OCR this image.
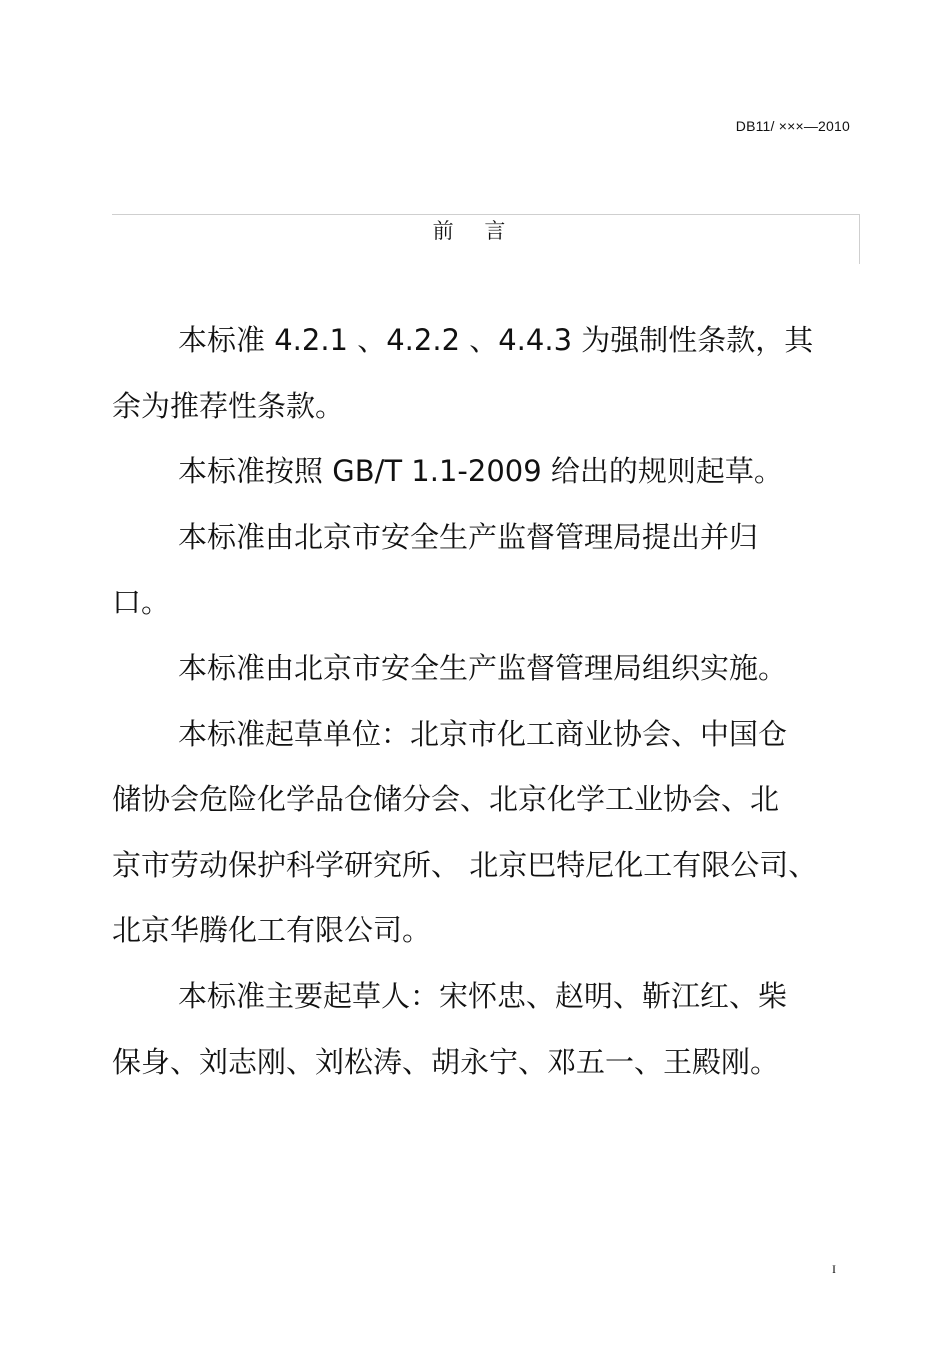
DB11/ ×××—2010
前 言
本标准 4.2.1 、4.2.2 、4.4.3 为强制性条款，其
余为推荐性条款。
本标准按照 GB/T 1.1-2009 给出的规则起草。
本标准由北京市安全生产监督管理局提出并归
口。
本标准由北京市安全生产监督管理局组织实施。
本标准起草单位：北京市化工商业协会、中国仓
储协会危险化学品仓储分会、北京化学工业协会、北
京市劳动保护科学研究所、 北京巴特尼化工有限公司、
北京华腾化工有限公司。
本标准主要起草人：宋怀忠、赵明、靳江红、柴
保身、刘志刚、刘松涛、胡永宁、邓五一、王殿刚。
I
